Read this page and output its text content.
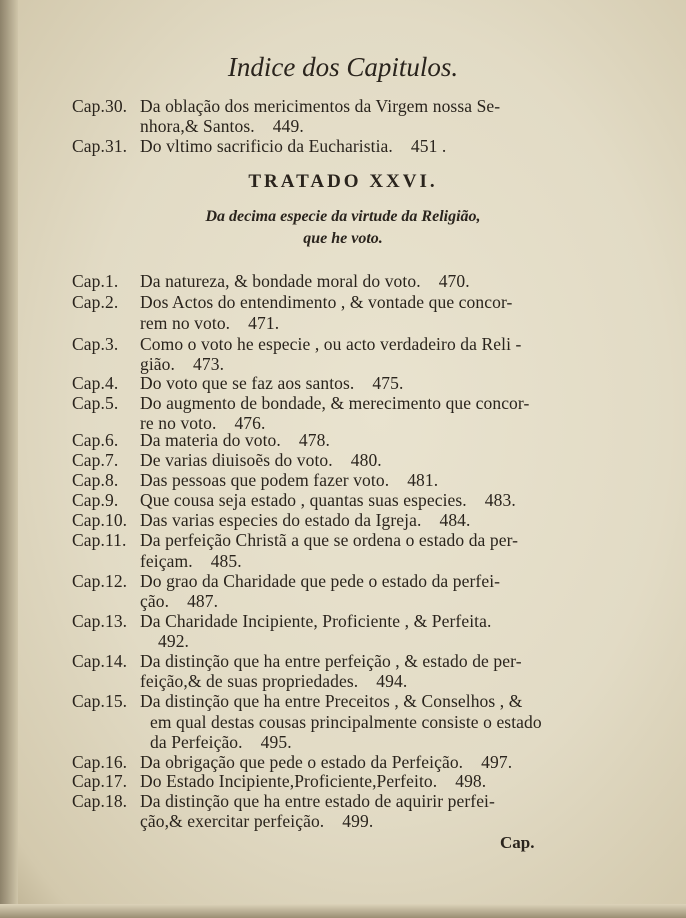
Indice dos Capitulos.
Cap.30. Da oblação dos mericimentos da Virgem nossa Se-
nhora,& Santos. 449.
Cap.31. Do vltimo sacrificio da Eucharistia. 451 .
TRATADO XXVI.
Da decima especie da virtude da Religião,
que he voto.
Cap.1. Da natureza, & bondade moral do voto. 470.
Cap.2. Dos Actos do entendimento , & vontade que concor-
rem no voto. 471.
Cap.3. Como o voto he especie , ou acto verdadeiro da Reli -
gião. 473.
Cap.4. Do voto que se faz aos santos. 475.
Cap.5. Do augmento de bondade, & merecimento que concor-
re no voto. 476.
Cap.6. Da materia do voto. 478.
Cap.7. De varias diuisoẽs do voto. 480.
Cap.8. Das pessoas que podem fazer voto. 481.
Cap.9. Que cousa seja estado , quantas suas especies. 483.
Cap.10. Das varias especies do estado da Igreja. 484.
Cap.11. Da perfeição Christã a que se ordena o estado da per-
feiçam. 485.
Cap.12. Do grao da Charidade que pede o estado da perfei-
ção. 487.
Cap.13. Da Charidade Incipiente, Proficiente , & Perfeita.
492.
Cap.14. Da distinção que ha entre perfeição , & estado de per-
feição,& de suas propriedades. 494.
Cap.15. Da distinção que ha entre Preceitos , & Conselhos , &
em qual destas cousas principalmente consiste o estado
da Perfeição. 495.
Cap.16. Da obrigação que pede o estado da Perfeição. 497.
Cap.17. Do Estado Incipiente,Proficiente,Perfeito. 498.
Cap.18. Da distinção que ha entre estado de aquirir perfei-
ção,& exercitar perfeição. 499.
Cap.
